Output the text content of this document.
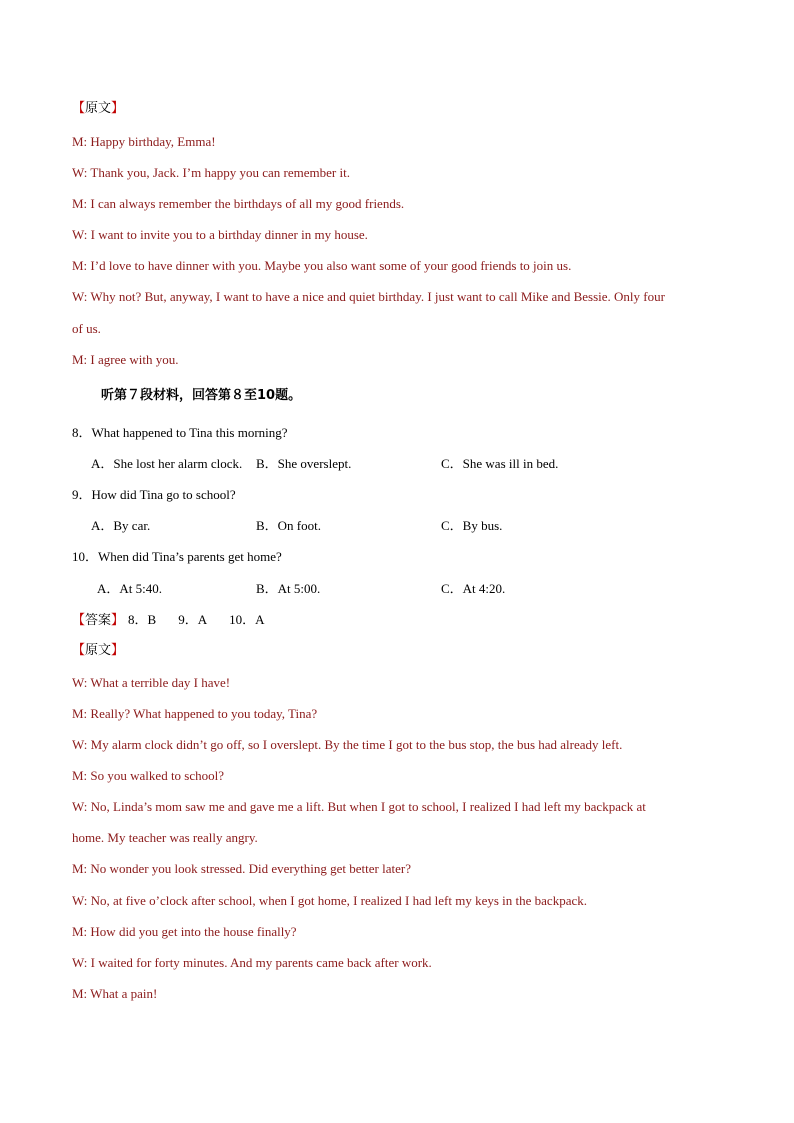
【原文】
M: Happy birthday, Emma!
W: Thank you, Jack. I’m happy you can remember it.
M: I can always remember the birthdays of all my good friends.
W: I want to invite you to a birthday dinner in my house.
M: I’d love to have dinner with you. Maybe you also want some of your good friends to join us.
W: Why not? But, anyway, I want to have a nice and quiet birthday. I just want to call Mike and Bessie. Only four
of us.
M: I agree with you.
听第７段材料，回答第８至10题。
8．What happened to Tina this morning?
A．She lost her alarm clock. B．She overslept.	C．She was ill in bed.
9．How did Tina go to school?
A．By car.	B．On foot.	C．By bus.
10．When did Tina’s parents get home?
A．At 5:40.	B．At 5:00.	C．At 4:20.
【答案】 8．B 9．A 10．A
【原文】
W: What a terrible day I have!
M: Really? What happened to you today, Tina?
W: My alarm clock didn’t go off, so I overslept. By the time I got to the bus stop, the bus had already left.
M: So you walked to school?
W: No, Linda’s mom saw me and gave me a lift. But when I got to school, I realized I had left my backpack at
home. My teacher was really angry.
M: No wonder you look stressed. Did everything get better later?
W: No, at five o’clock after school, when I got home, I realized I had left my keys in the backpack.
M: How did you get into the house finally?
W: I waited for forty minutes. And my parents came back after work.
M: What a pain!
